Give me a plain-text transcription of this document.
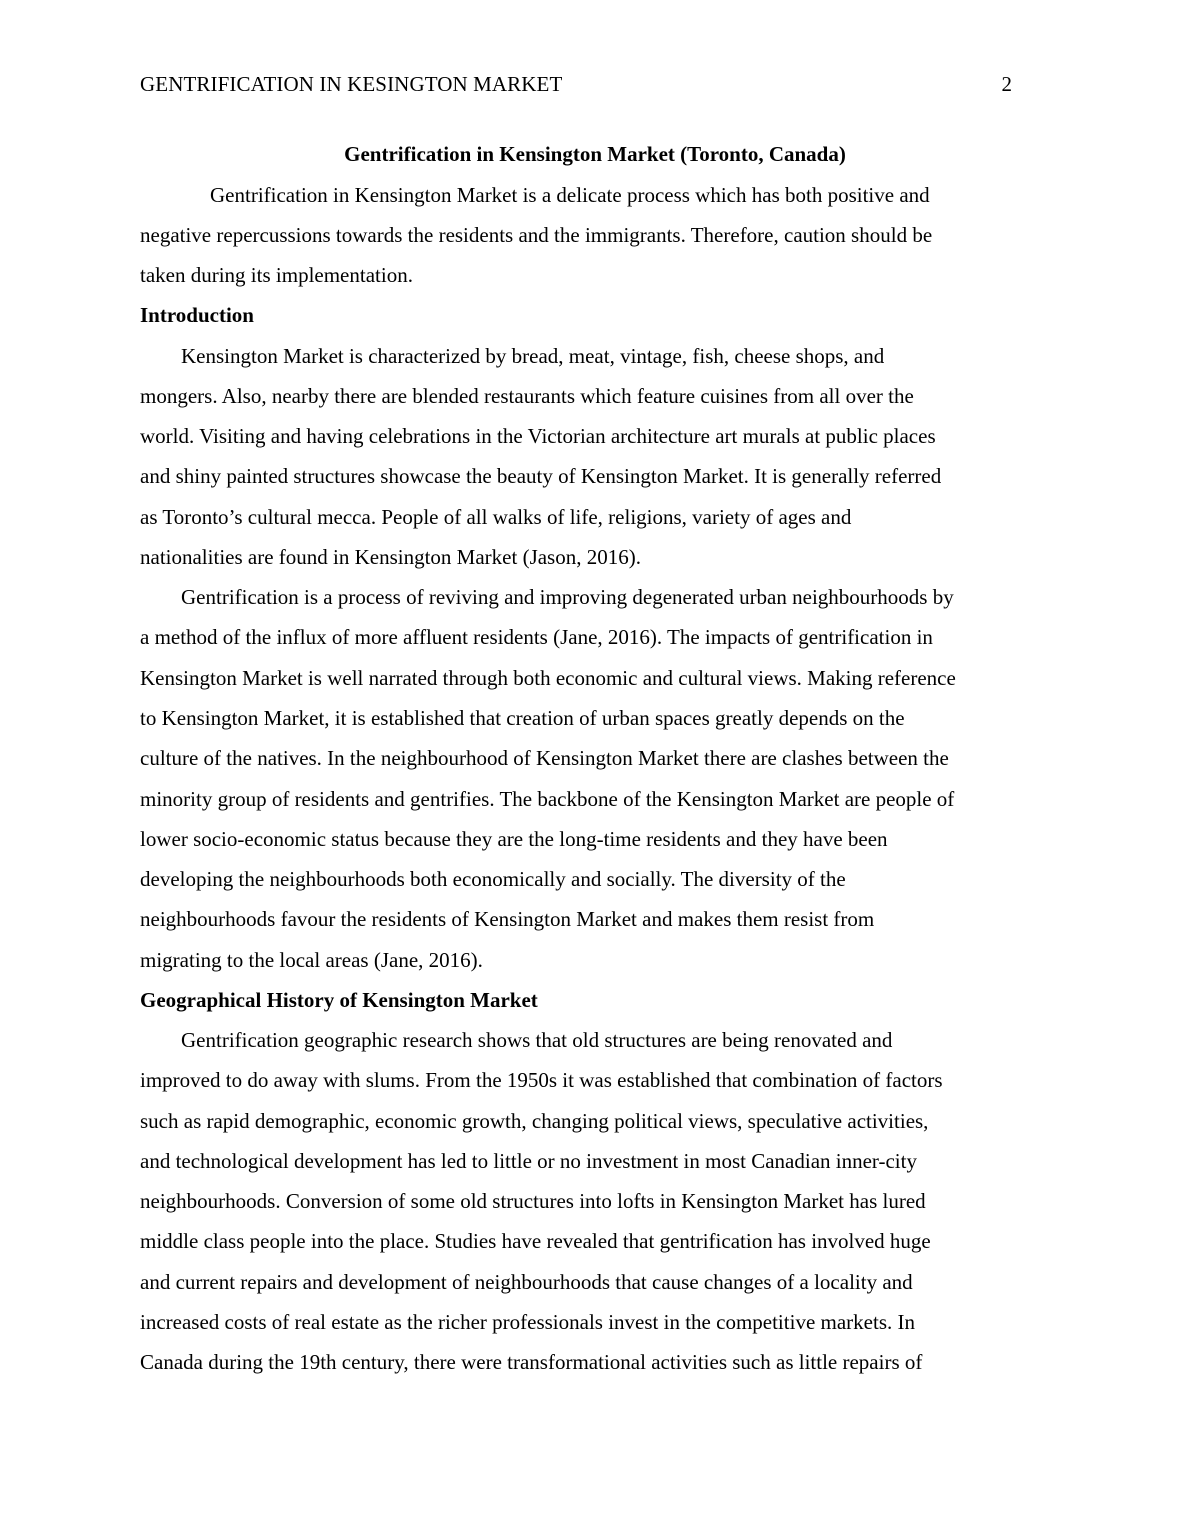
GENTRIFICATION IN KESINGTON MARKET	2
Gentrification in Kensington Market (Toronto, Canada)
Gentrification in Kensington Market is a delicate process which has both positive and
negative repercussions towards the residents and the immigrants. Therefore, caution should be
taken during its implementation.
Introduction
Kensington Market is characterized by bread, meat, vintage, fish, cheese shops, and
mongers. Also, nearby there are blended restaurants which feature cuisines from all over the
world. Visiting and having celebrations in the Victorian architecture art murals at public places
and shiny painted structures showcase the beauty of Kensington Market. It is generally referred
as Toronto’s cultural mecca. People of all walks of life, religions, variety of ages and
nationalities are found in Kensington Market (Jason, 2016).
Gentrification is a process of reviving and improving degenerated urban neighbourhoods by
a method of the influx of more affluent residents (Jane, 2016). The impacts of gentrification in
Kensington Market is well narrated through both economic and cultural views. Making reference
to Kensington Market, it is established that creation of urban spaces greatly depends on the
culture of the natives. In the neighbourhood of Kensington Market there are clashes between the
minority group of residents and gentrifies. The backbone of the Kensington Market are people of
lower socio-economic status because they are the long-time residents and they have been
developing the neighbourhoods both economically and socially. The diversity of the
neighbourhoods favour the residents of Kensington Market and makes them resist from
migrating to the local areas (Jane, 2016).
Geographical History of Kensington Market
Gentrification geographic research shows that old structures are being renovated and
improved to do away with slums. From the 1950s it was established that combination of factors
such as rapid demographic, economic growth, changing political views, speculative activities,
and technological development has led to little or no investment in most Canadian inner-city
neighbourhoods. Conversion of some old structures into lofts in Kensington Market has lured
middle class people into the place. Studies have revealed that gentrification has involved huge
and current repairs and development of neighbourhoods that cause changes of a locality and
increased costs of real estate as the richer professionals invest in the competitive markets. In
Canada during the 19th century, there were transformational activities such as little repairs of
